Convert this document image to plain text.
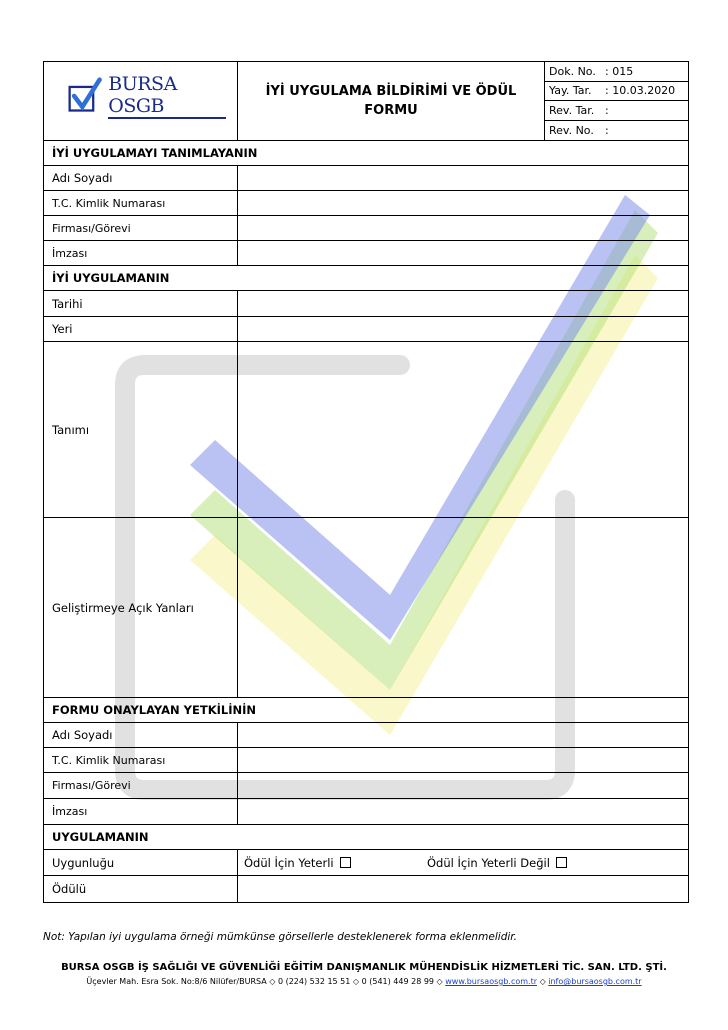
BURSA OSGB
İYİ UYGULAMA BİLDİRİMİ VE ÖDÜL
FORMU
Dok. No. : 015
Yay. Tar.	: 10.03.2020
Rev. Tar. :
Rev. No.	:
İYİ UYGULAMAYI TANIMLAYANIN
Adı Soyadı
T.C. Kimlik Numarası
Firması/Görevi
İmzası
İYİ UYGULAMANIN
Tarihi
Yeri
Tanımı
Geliştirmeye Açık Yanları
FORMU ONAYLAYAN YETKİLİNİN
Adı Soyadı
T.C. Kimlik Numarası
Firması/Görevi
İmzası
UYGULAMANIN
Uygunluğu	Ödül İçin Yeterli	Ödül İçin Yeterli Değil
Ödülü
Not: Yapılan iyi uygulama örneği mümkünse görsellerle desteklenerek forma eklenmelidir.
BURSA OSGB İŞ SAĞLIĞI VE GÜVENLİĞİ EĞİTİM DANIŞMANLIK MÜHENDİSLİK HİZMETLERİ TİC. SAN. LTD. ŞTİ.
Üçevler Mah. Esra Sok. No:8/6 Nilüfer/BURSA ◇ 0 (224) 532 15 51 ◇ 0 (541) 449 28 99 ◇ www.bursaosgb.com.tr ◇ info@bursaosgb.com.tr
